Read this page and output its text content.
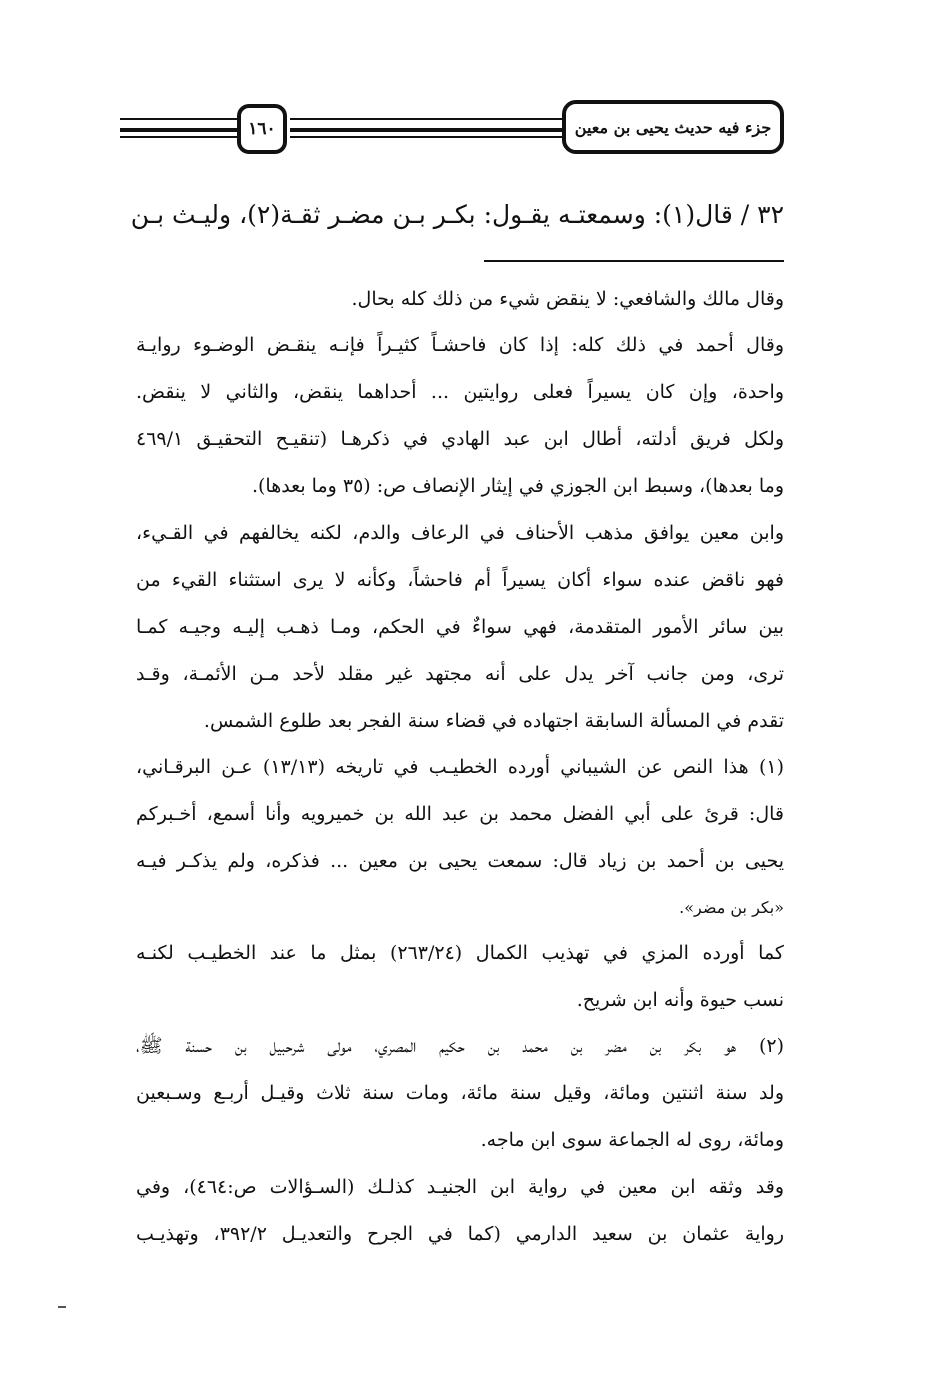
١٦٠	جزء فيه حديث يحيى بن معين
٣٢ / قال(١): وسمعتـه يقـول: بكـر بـن مضـر ثقـة(٢)، وليـث بـن
وقال مالك والشافعي: لا ينقض شيء من ذلك كله بحال.
وقال أحمد في ذلك كله: إذا كان فاحشـاً كثيـراً فإنـه ينقـض الوضـوء روايـة
واحدة، وإن كان يسيراً فعلى روايتين ... أحداهما ينقض، والثاني لا ينقض.
ولكل فريق أدلته، أطال ابن عبد الهادي في ذكرهـا (تنقيـح التحقيـق ٤٦٩/١
وما بعدها)، وسبط ابن الجوزي في إيثار الإنصاف ص: (٣٥ وما بعدها).
وابن معين يوافق مذهب الأحناف في الرعاف والدم، لكنه يخالفهم في القـيء،
فهو ناقض عنده سواء أكان يسيراً أم فاحشاً، وكأنه لا يرى استثناء القيء من
بين سائر الأمور المتقدمة، فهي سواءٌ في الحكم، ومـا ذهـب إليـه وجيـه كمـا
ترى، ومن جانب آخر يدل على أنه مجتهد غير مقلد لأحد مـن الأئمـة، وقـد
تقدم في المسألة السابقة اجتهاده في قضاء سنة الفجر بعد طلوع الشمس.
(١) هذا النص عن الشيباني أورده الخطيـب في تاريخه (١٣/١٣) عـن البرقـاني،
قال: قرئ على أبي الفضل محمد بن عبد الله بن خميرويه وأنا أسمع، أخـبركم
يحيى بن أحمد بن زياد قال: سمعت يحيى بن معين ... فذكره، ولم يذكـر فيـه
«بكر بن مضر».
كما أورده المزي في تهذيب الكمال (٢٦٣/٢٤) بمثل ما عند الخطيـب لكنـه
نسب حيوة وأنه ابن شريح.
(٢) هو بكر بن مضر بن محمد بن حكيم المصري، مولى شرحبيل بن حسنة ﷺ،
ولد سنة اثنتين ومائة، وقيل سنة مائة، ومات سنة ثلاث وقيـل أربـع وسـبعين
ومائة، روى له الجماعة سوى ابن ماجه.
وقد وثقه ابن معين في رواية ابن الجنيـد كذلـك (السـؤالات ص:٤٦٤)، وفي
رواية عثمان بن سعيد الدارمي (كما في الجرح والتعديـل ٣٩٢/٢، وتهذيـب
